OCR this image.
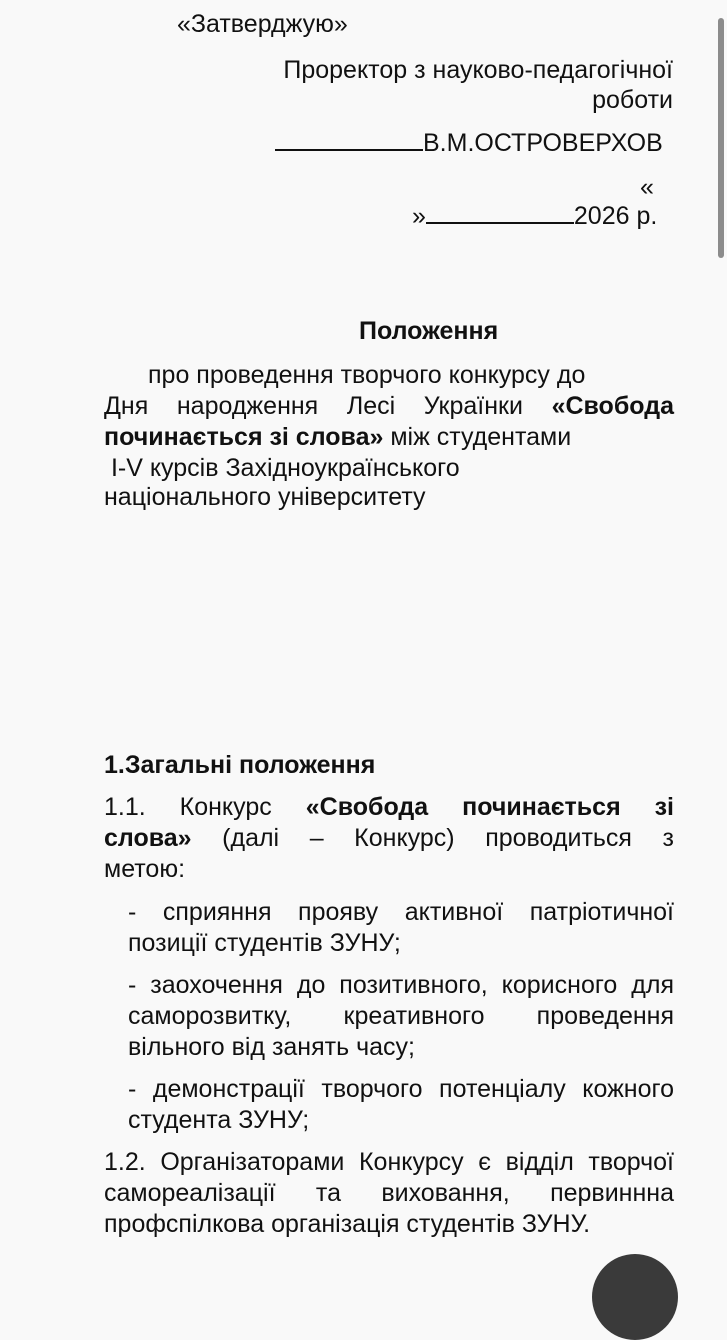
«Затверджую»
Проректор з науково-педагогічної
роботи
В.М.ОСТРОВЕРХОВ
«
»	2026 р.
Положення
про проведення творчого конкурсу до
Дня народження Лесі Українки «Свобода
починається зі слова» між студентами
I-V курсів Західноукраїнського
національного університету
1.Загальні положення
1.1. Конкурс «Свобода починається зі
слова» (далі – Конкурс) проводиться з
метою:
- сприяння прояву активної патріотичної позиції студентів ЗУНУ;
- заохочення до позитивного, корисного для саморозвитку, креативного проведення вільного від занять часу;
- демонстрації творчого потенціалу кожного студента ЗУНУ;
1.2. Організаторами Конкурсу є відділ творчої самореалізації та виховання, первиннна профспілкова організація студентів ЗУНУ.
